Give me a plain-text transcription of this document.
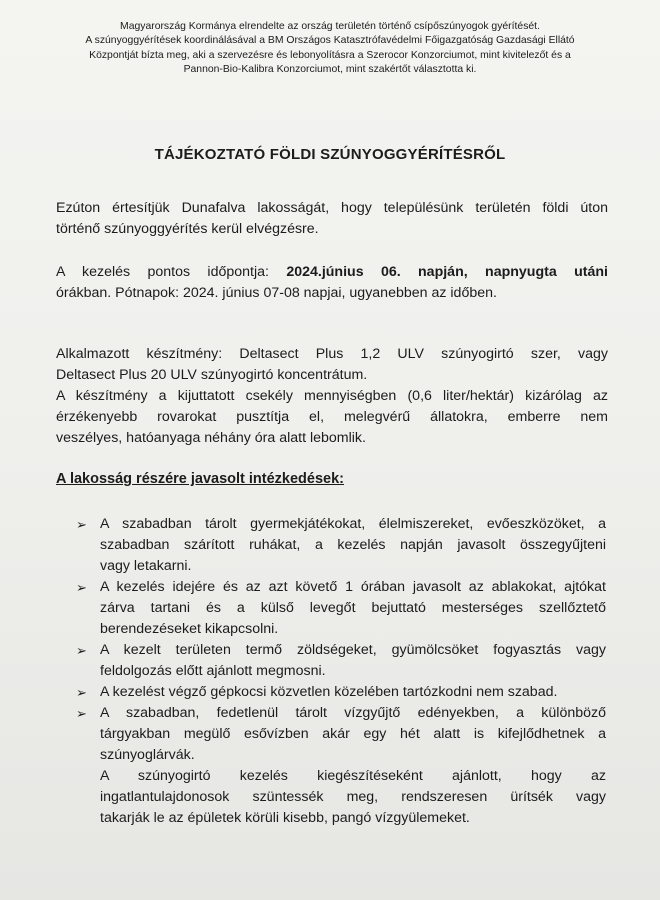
Magyarország Kormánya elrendelte az ország területén történő csípőszúnyogok gyérítését.
A szúnyoggyérítések koordinálásával a BM Országos Katasztrófavédelmi Főigazgatóság Gazdasági Ellátó
Központját bízta meg, aki a szervezésre és lebonyolításra a Szerocor Konzorciumot, mint kivitelezőt és a
Pannon-Bio-Kalibra Konzorciumot, mint szakértőt választotta ki.
TÁJÉKOZTATÓ FÖLDI SZÚNYOGGYÉRÍTÉSRŐL
Ezúton értesítjük Dunafalva lakosságát, hogy településünk területén földi úton
történő szúnyoggyérítés kerül elvégzésre.
A kezelés pontos időpontja: 2024.június 06. napján, napnyugta utáni
órákban. Pótnapok: 2024. június 07-08 napjai, ugyanebben az időben.
Alkalmazott készítmény: Deltasect Plus 1,2 ULV szúnyogirtó szer, vagy
Deltasect Plus 20 ULV szúnyogirtó koncentrátum.
A készítmény a kijuttatott csekély mennyiségben (0,6 liter/hektár) kizárólag az
érzékenyebb rovarokat pusztítja el, melegvérű állatokra, emberre nem
veszélyes, hatóanyaga néhány óra alatt lebomlik.
A lakosság részére javasolt intézkedések:
➢ A szabadban tárolt gyermekjátékokat, élelmiszereket, evőeszközöket, a
szabadban szárított ruhákat, a kezelés napján javasolt összegyűjteni
vagy letakarni.
➢ A kezelés idejére és az azt követő 1 órában javasolt az ablakokat, ajtókat
zárva tartani és a külső levegőt bejuttató mesterséges szellőztető
berendezéseket kikapcsolni.
➢ A kezelt területen termő zöldségeket, gyümölcsöket fogyasztás vagy
feldolgozás előtt ajánlott megmosni.
➢ A kezelést végző gépkocsi közvetlen közelében tartózkodni nem szabad.
➢ A szabadban, fedetlenül tárolt vízgyűjtő edényekben, a különböző
tárgyakban megülő esővízben akár egy hét alatt is kifejlődhetnek a
szúnyoglárvák.
A szúnyogirtó kezelés kiegészítéseként ajánlott, hogy az
ingatlantulajdonosok szüntessék meg, rendszeresen ürítsék vagy
takarják le az épületek körüli kisebb, pangó vízgyülemeket.
